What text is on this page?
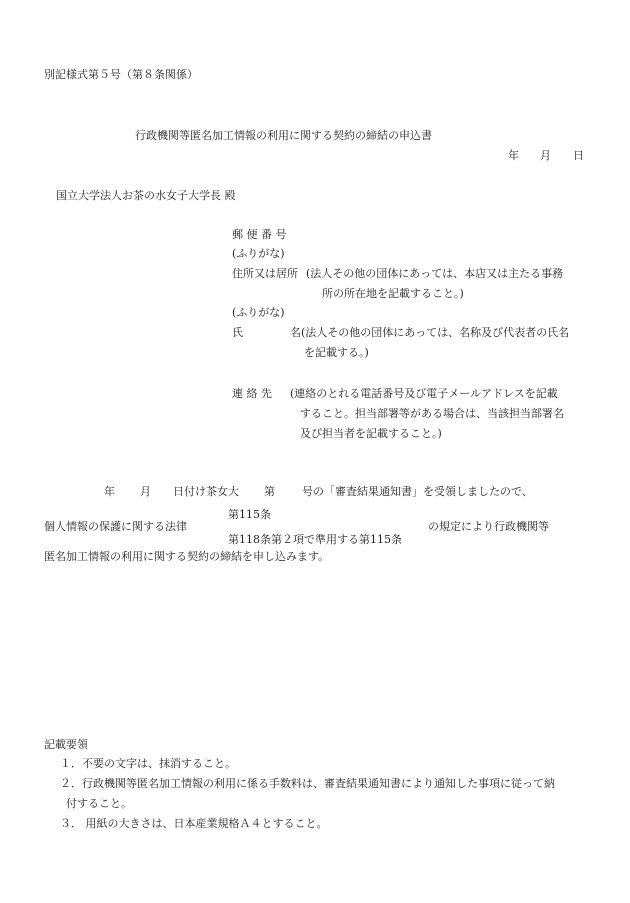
別記様式第５号（第８条関係）
行政機関等匿名加工情報の利用に関する契約の締結の申込書
年 月 日
国立大学法人お茶の水女子大学長 殿
郵 便 番 号
(ふりがな)
住所又は居所 (法人その他の団体にあっては、本店又は主たる事務
所の所在地を記載すること。)
(ふりがな)
氏	名 (法人その他の団体にあっては、名称及び代表者の氏名
を記載する。)
連 絡 先 (連絡のとれる電話番号及び電子メールアドレスを記載
すること。担当部署等がある場合は、当該担当部署名
及び担当者を記載すること。)
年 月 日付け茶女大 第 号の「審査結果通知書」を受領しましたので、
第115条
個人情報の保護に関する法律	の規定により行政機関等
第118条第２項で準用する第115条
匿名加工情報の利用に関する契約の締結を申し込みます。
記載要領
１．不要の文字は、抹消すること。
２．行政機関等匿名加工情報の利用に係る手数料は、審査結果通知書により通知した事項に従って納
付すること。
３． 用紙の大きさは、日本産業規格Ａ４とすること。
